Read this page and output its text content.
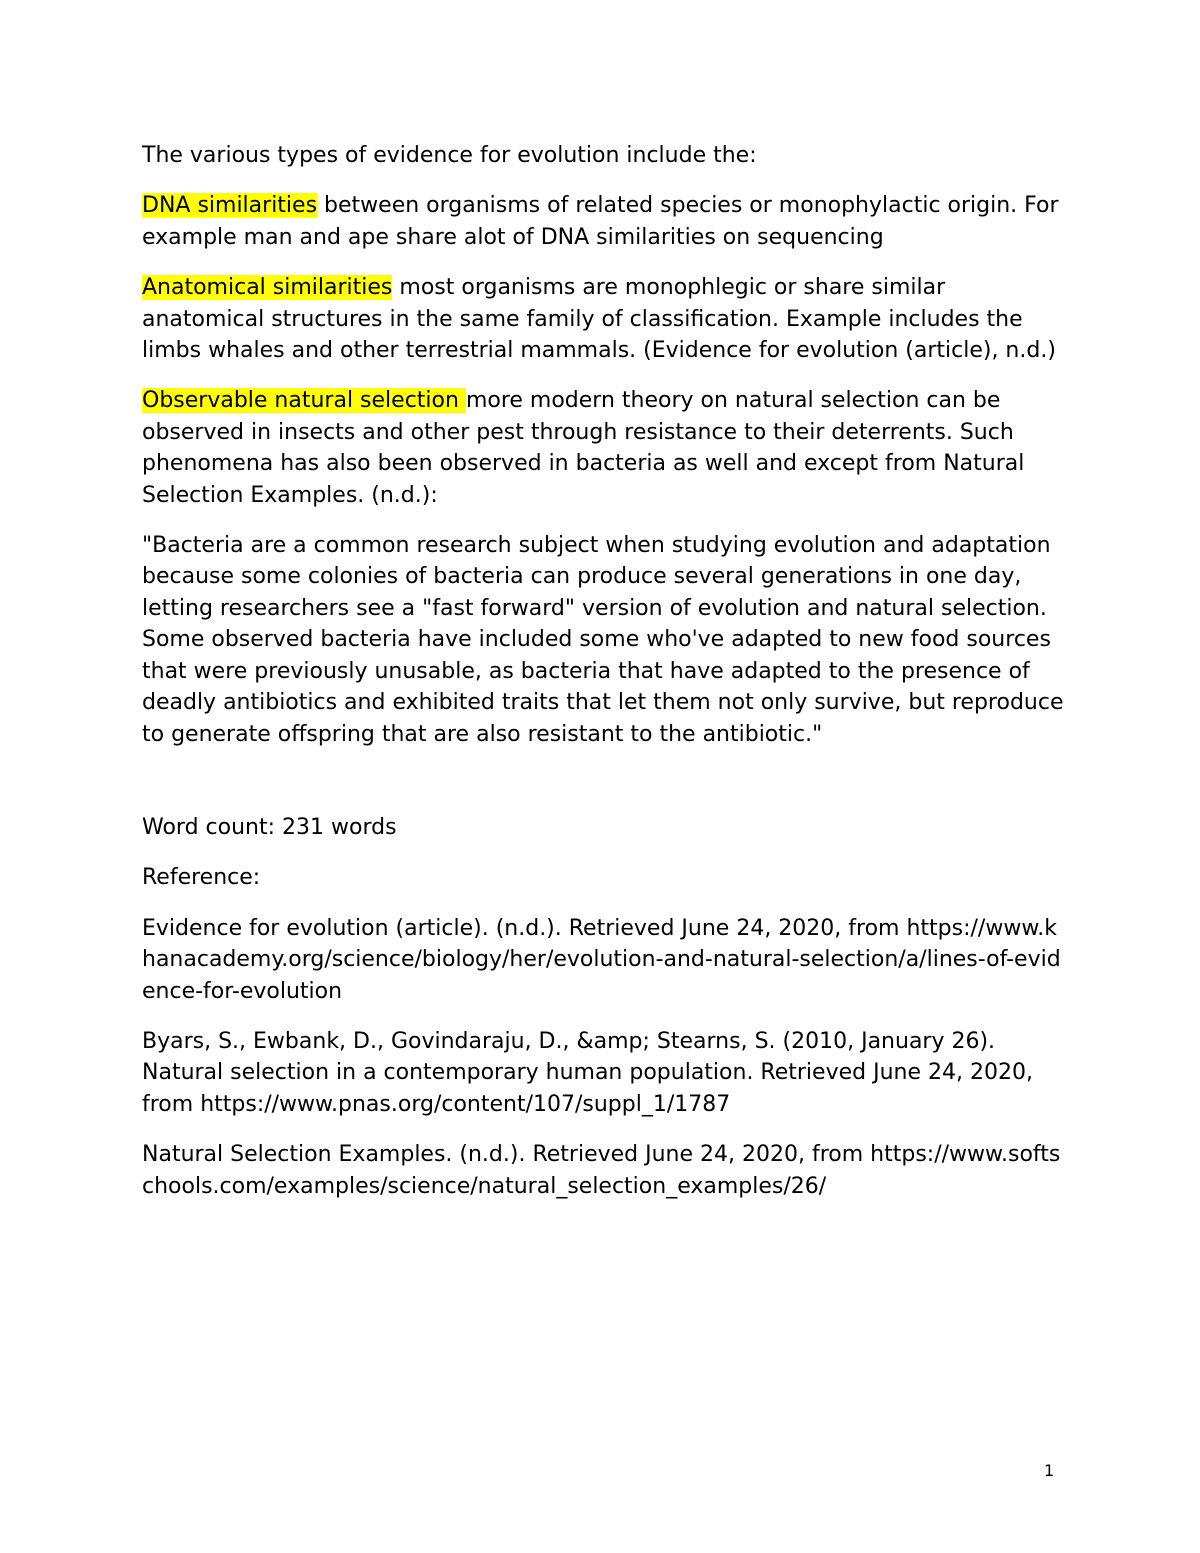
The various types of evidence for evolution include the:

DNA similarities between organisms of related species or monophylactic origin. For example man and ape share alot of DNA similarities on sequencing

Anatomical similarities most organisms are monophlegic or share similar anatomical structures in the same family of classification. Example includes the limbs whales and other terrestrial mammals. (Evidence for evolution (article), n.d.)

Observable natural selection more modern theory on natural selection can be observed in insects and other pest through resistance to their deterrents. Such phenomena has also been observed in bacteria as well and except from Natural Selection Examples. (n.d.):

"Bacteria are a common research subject when studying evolution and adaptation because some colonies of bacteria can produce several generations in one day, letting researchers see a "fast forward" version of evolution and natural selection. Some observed bacteria have included some who've adapted to new food sources that were previously unusable, as bacteria that have adapted to the presence of deadly antibiotics and exhibited traits that let them not only survive, but reproduce to generate offspring that are also resistant to the antibiotic."

Word count: 231 words

Reference:

Evidence for evolution (article). (n.d.). Retrieved June 24, 2020, from https://www.khanacademy.org/science/biology/her/evolution-and-natural-selection/a/lines-of-evidence-for-evolution

Byars, S., Ewbank, D., Govindaraju, D., &amp; Stearns, S. (2010, January 26). Natural selection in a contemporary human population. Retrieved June 24, 2020, from https://www.pnas.org/content/107/suppl_1/1787

Natural Selection Examples. (n.d.). Retrieved June 24, 2020, from https://www.softschools.com/examples/science/natural_selection_examples/26/

1
